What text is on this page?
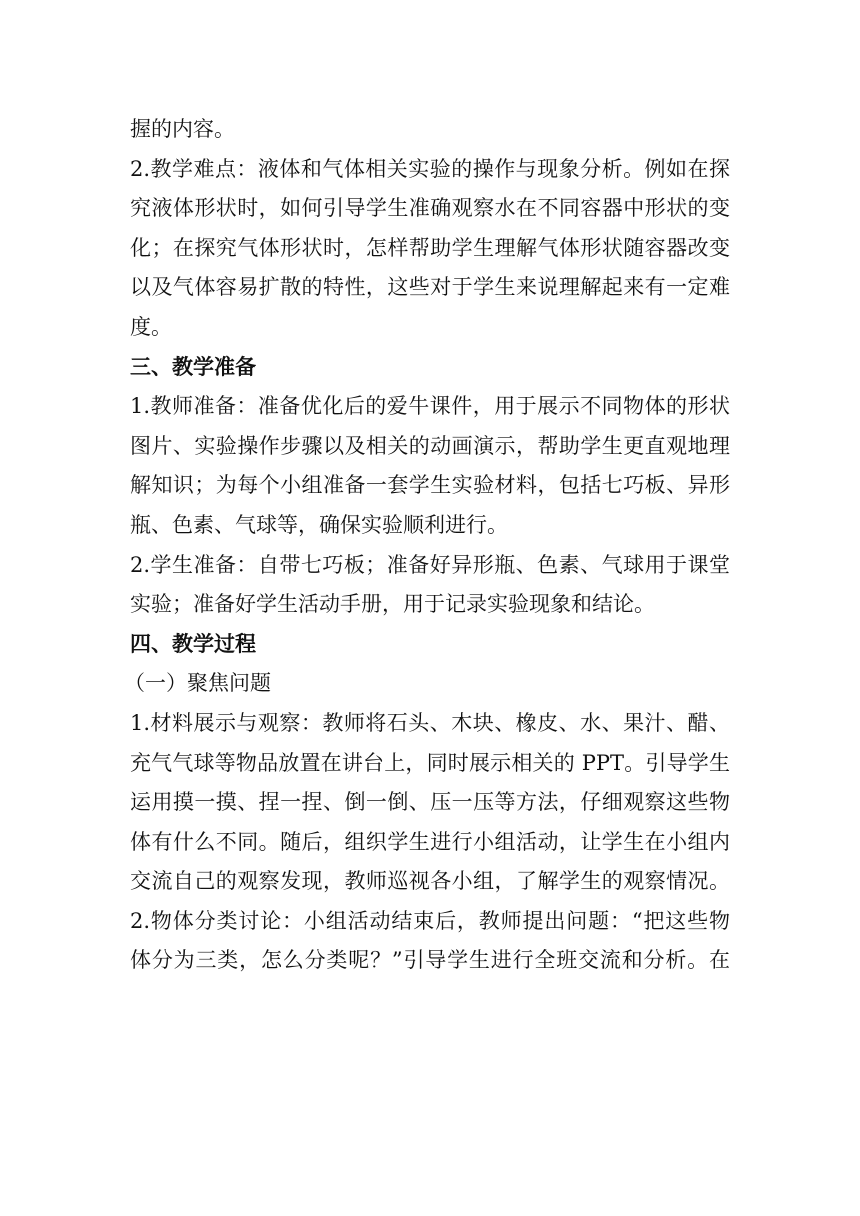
握的内容。
2.教学难点：液体和气体相关实验的操作与现象分析。例如在探
究液体形状时，如何引导学生准确观察水在不同容器中形状的变
化；在探究气体形状时，怎样帮助学生理解气体形状随容器改变
以及气体容易扩散的特性，这些对于学生来说理解起来有一定难
度。
三、教学准备
1.教师准备：准备优化后的爱牛课件，用于展示不同物体的形状
图片、实验操作步骤以及相关的动画演示，帮助学生更直观地理
解知识；为每个小组准备一套学生实验材料，包括七巧板、异形
瓶、色素、气球等，确保实验顺利进行。
2.学生准备：自带七巧板；准备好异形瓶、色素、气球用于课堂
实验；准备好学生活动手册，用于记录实验现象和结论。
四、教学过程
（一）聚焦问题
1.材料展示与观察：教师将石头、木块、橡皮、水、果汁、醋、
充气气球等物品放置在讲台上，同时展示相关的 PPT。引导学生
运用摸一摸、捏一捏、倒一倒、压一压等方法，仔细观察这些物
体有什么不同。随后，组织学生进行小组活动，让学生在小组内
交流自己的观察发现，教师巡视各小组，了解学生的观察情况。
2.物体分类讨论：小组活动结束后，教师提出问题：“把这些物
体分为三类，怎么分类呢？”引导学生进行全班交流和分析。在
